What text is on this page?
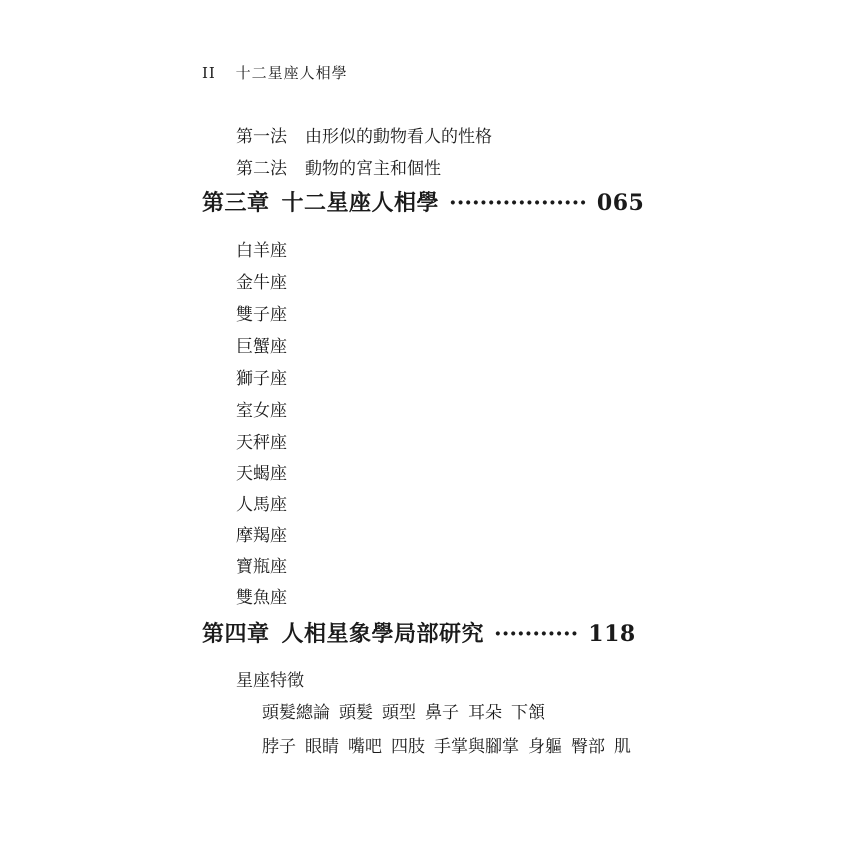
II 十二星座人相學
第一法 由形似的動物看人的性格
第二法 動物的宮主和個性
第三章 十二星座人相學 ·················· 065
白羊座
金牛座
雙子座
巨蟹座
獅子座
室女座
天秤座
天蝎座
人馬座
摩羯座
寶瓶座
雙魚座
第四章 人相星象學局部研究 ··········· 118
星座特徵
頭髮總論 頭髮 頭型 鼻子 耳朵 下頷
脖子 眼睛 嘴吧 四肢 手掌與腳掌 身軀 臀部 肌
